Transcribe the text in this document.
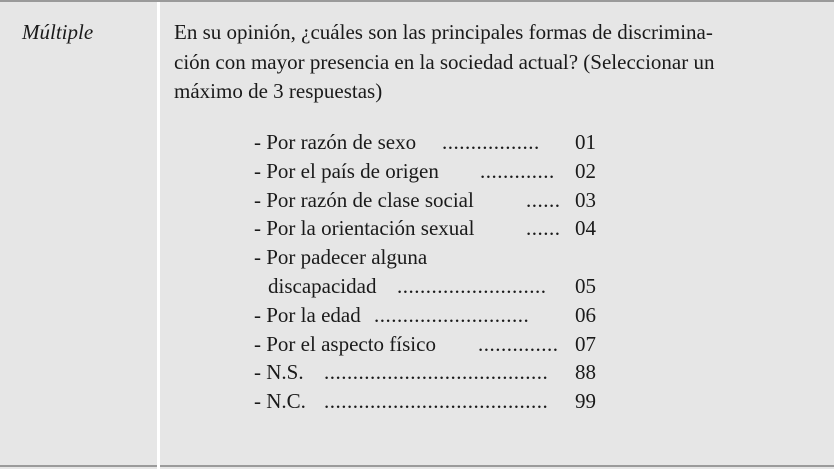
Múltiple	En su opinión, ¿cuáles son las principales formas de discrimina-
ción con mayor presencia en la sociedad actual? (Seleccionar un
máximo de 3 respuestas)
- Por razón de sexo ................. 01
- Por el país de origen ............. 02
- Por razón de clase social ...... 03
- Por la orientación sexual ...... 04
- Por padecer alguna
discapacidad .......................... 05
- Por la edad ........................... 06
- Por el aspecto físico .............. 07
- N.S. ....................................... 88
- N.C. ....................................... 99
